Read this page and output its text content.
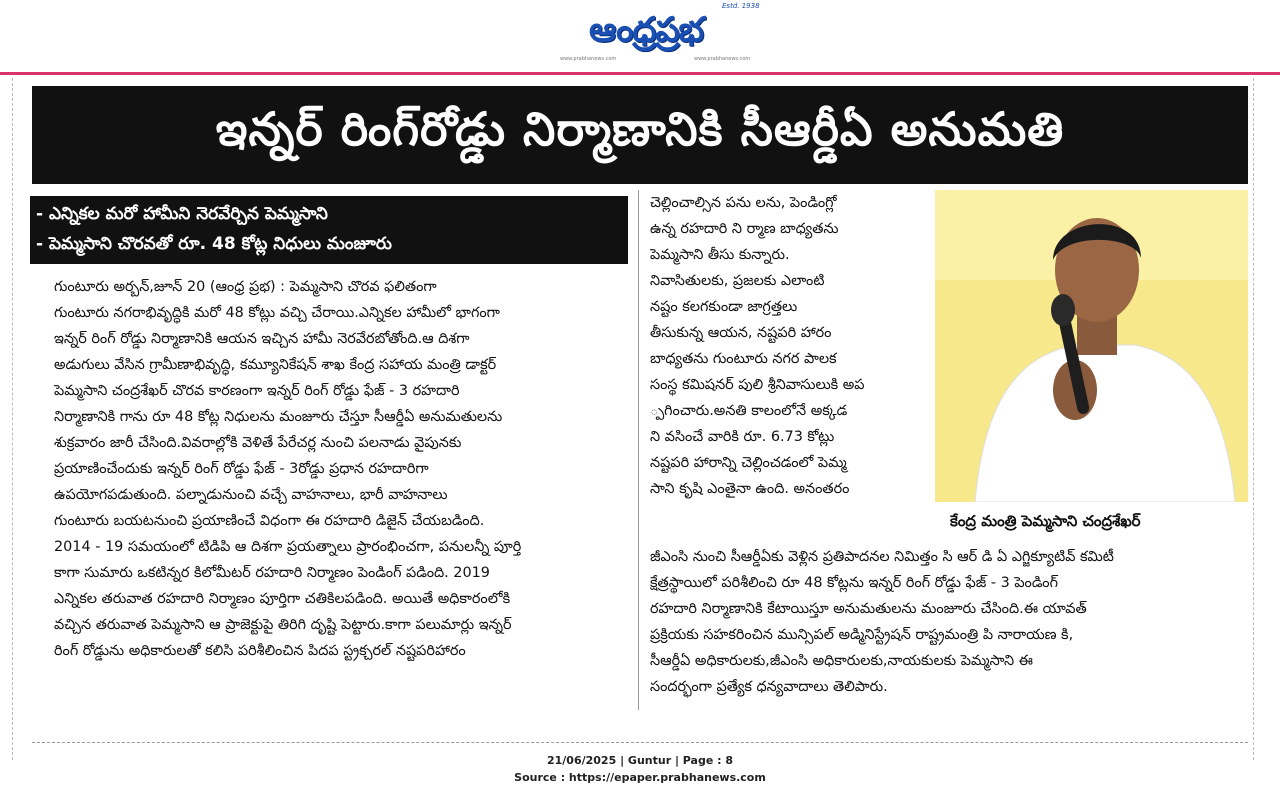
ఆంధ్రప్రభ
Estd. 1938
www.prabhanews.com	www.prabhanews.com
ఇన్నర్ రింగ్‌రోడ్డు నిర్మాణానికి సీఆర్డీఏ అనుమతి
- ఎన్నికల మరో హామీని నెరవేర్చిన పెమ్మసాని
- పెమ్మసాని చొరవతో రూ. 48 కోట్ల నిధులు మంజూరు
గుంటూరు అర్బన్,జూన్ 20 (ఆంధ్ర ప్రభ) : పెమ్మసాని చొరవ ఫలితంగా
గుంటూరు నగరాభివృద్ధికి మరో 48 కోట్లు వచ్చి చేరాయి.ఎన్నికల హామీలో భాగంగా
ఇన్నర్ రింగ్ రోడ్డు నిర్మాణానికి ఆయన ఇచ్చిన హామీ నెరవేరబోతోంది.ఆ దిశగా
అడుగులు వేసిన గ్రామీణాభివృద్ధి, కమ్యూనికేషన్ శాఖ కేంద్ర సహాయ మంత్రి డాక్టర్
పెమ్మసాని చంద్రశేఖర్ చొరవ కారణంగా ఇన్నర్ రింగ్ రోడ్డు ఫేజ్ - 3 రహదారి
నిర్మాణానికి గాను రూ 48 కోట్ల నిధులను మంజూరు చేస్తూ సీఆర్డీఏ అనుమతులను
శుక్రవారం జారీ చేసింది.వివరాల్లోకి వెళితే పేరేచర్ల నుంచి పలనాడు వైపునకు
ప్రయాణించేందుకు ఇన్నర్ రింగ్ రోడ్డు ఫేజ్ - 3రోడ్డు ప్రధాన రహదారిగా
ఉపయోగపడుతుంది. పల్నాడునుంచి వచ్చే వాహనాలు, భారీ వాహనాలు
గుంటూరు బయటనుంచి ప్రయాణించే విధంగా ఈ రహదారి డిజైన్ చేయబడింది.
2014 - 19 సమయంలో టిడిపి ఆ దిశగా ప్రయత్నాలు ప్రారంభించగా, పనులన్నీ పూర్తి
కాగా సుమారు ఒకటిన్నర కిలోమీటర్ రహదారి నిర్మాణం పెండింగ్ పడింది. 2019
ఎన్నికల తరువాత రహదారి నిర్మాణం పూర్తిగా చతికిలపడింది. అయితే అధికారంలోకి
వచ్చిన తరువాత పెమ్మసాని ఆ ప్రాజెక్టుపై తిరిగి దృష్టి పెట్టారు.కాగా పలుమార్లు ఇన్నర్
రింగ్ రోడ్డును అధికారులతో కలిసి పరిశీలించిన పిదప స్ట్రక్చరల్ నష్టపరిహారం
చెల్లించాల్సిన పను లను, పెండింగ్లో
ఉన్న రహదారి ని ర్మాణ బాధ్యతను
పెమ్మసాని తీసు కున్నారు.
నివాసితులకు, ప్రజలకు ఎలాంటి
నష్టం కలగకుండా జాగ్రత్తలు
తీసుకున్న ఆయన, నష్టపరి హారం
బాధ్యతను గుంటూరు నగర పాలక
సంస్థ కమిషనర్ పులి శ్రీనివాసులుకి అప
్పగించారు.అనతి కాలంలోనే అక్కడ
ని వసించే వారికి రూ. 6.73 కోట్లు
నష్టపరి హారాన్ని చెల్లించడంలో పెమ్మ
సాని కృషి ఎంతైనా ఉంది. అనంతరం
కేంద్ర మంత్రి పెమ్మసాని చంద్రశేఖర్
జీఎంసి నుంచి సీఆర్డీఏకు వెళ్లిన ప్రతిపాదనల నిమిత్తం సి ఆర్ డి ఏ ఎగ్జిక్యూటివ్ కమిటీ
క్షేత్రస్థాయిలో పరిశీలించి రూ 48 కోట్లను ఇన్నర్ రింగ్ రోడ్డు ఫేజ్ - 3 పెండింగ్
రహదారి నిర్మాణానికి కేటాయిస్తూ అనుమతులను మంజూరు చేసింది.ఈ యావత్
ప్రక్రియకు సహకరించిన మున్సిపల్ అడ్మినిస్ట్రేషన్ రాష్ట్రమంత్రి పి నారాయణ కి,
సీఆర్డీఏ అధికారులకు,జీఎంసి అధికారులకు,నాయకులకు పెమ్మసాని ఈ
సందర్భంగా ప్రత్యేక ధన్యవాదాలు తెలిపారు.
21/06/2025 | Guntur | Page : 8
Source : https://epaper.prabhanews.com
